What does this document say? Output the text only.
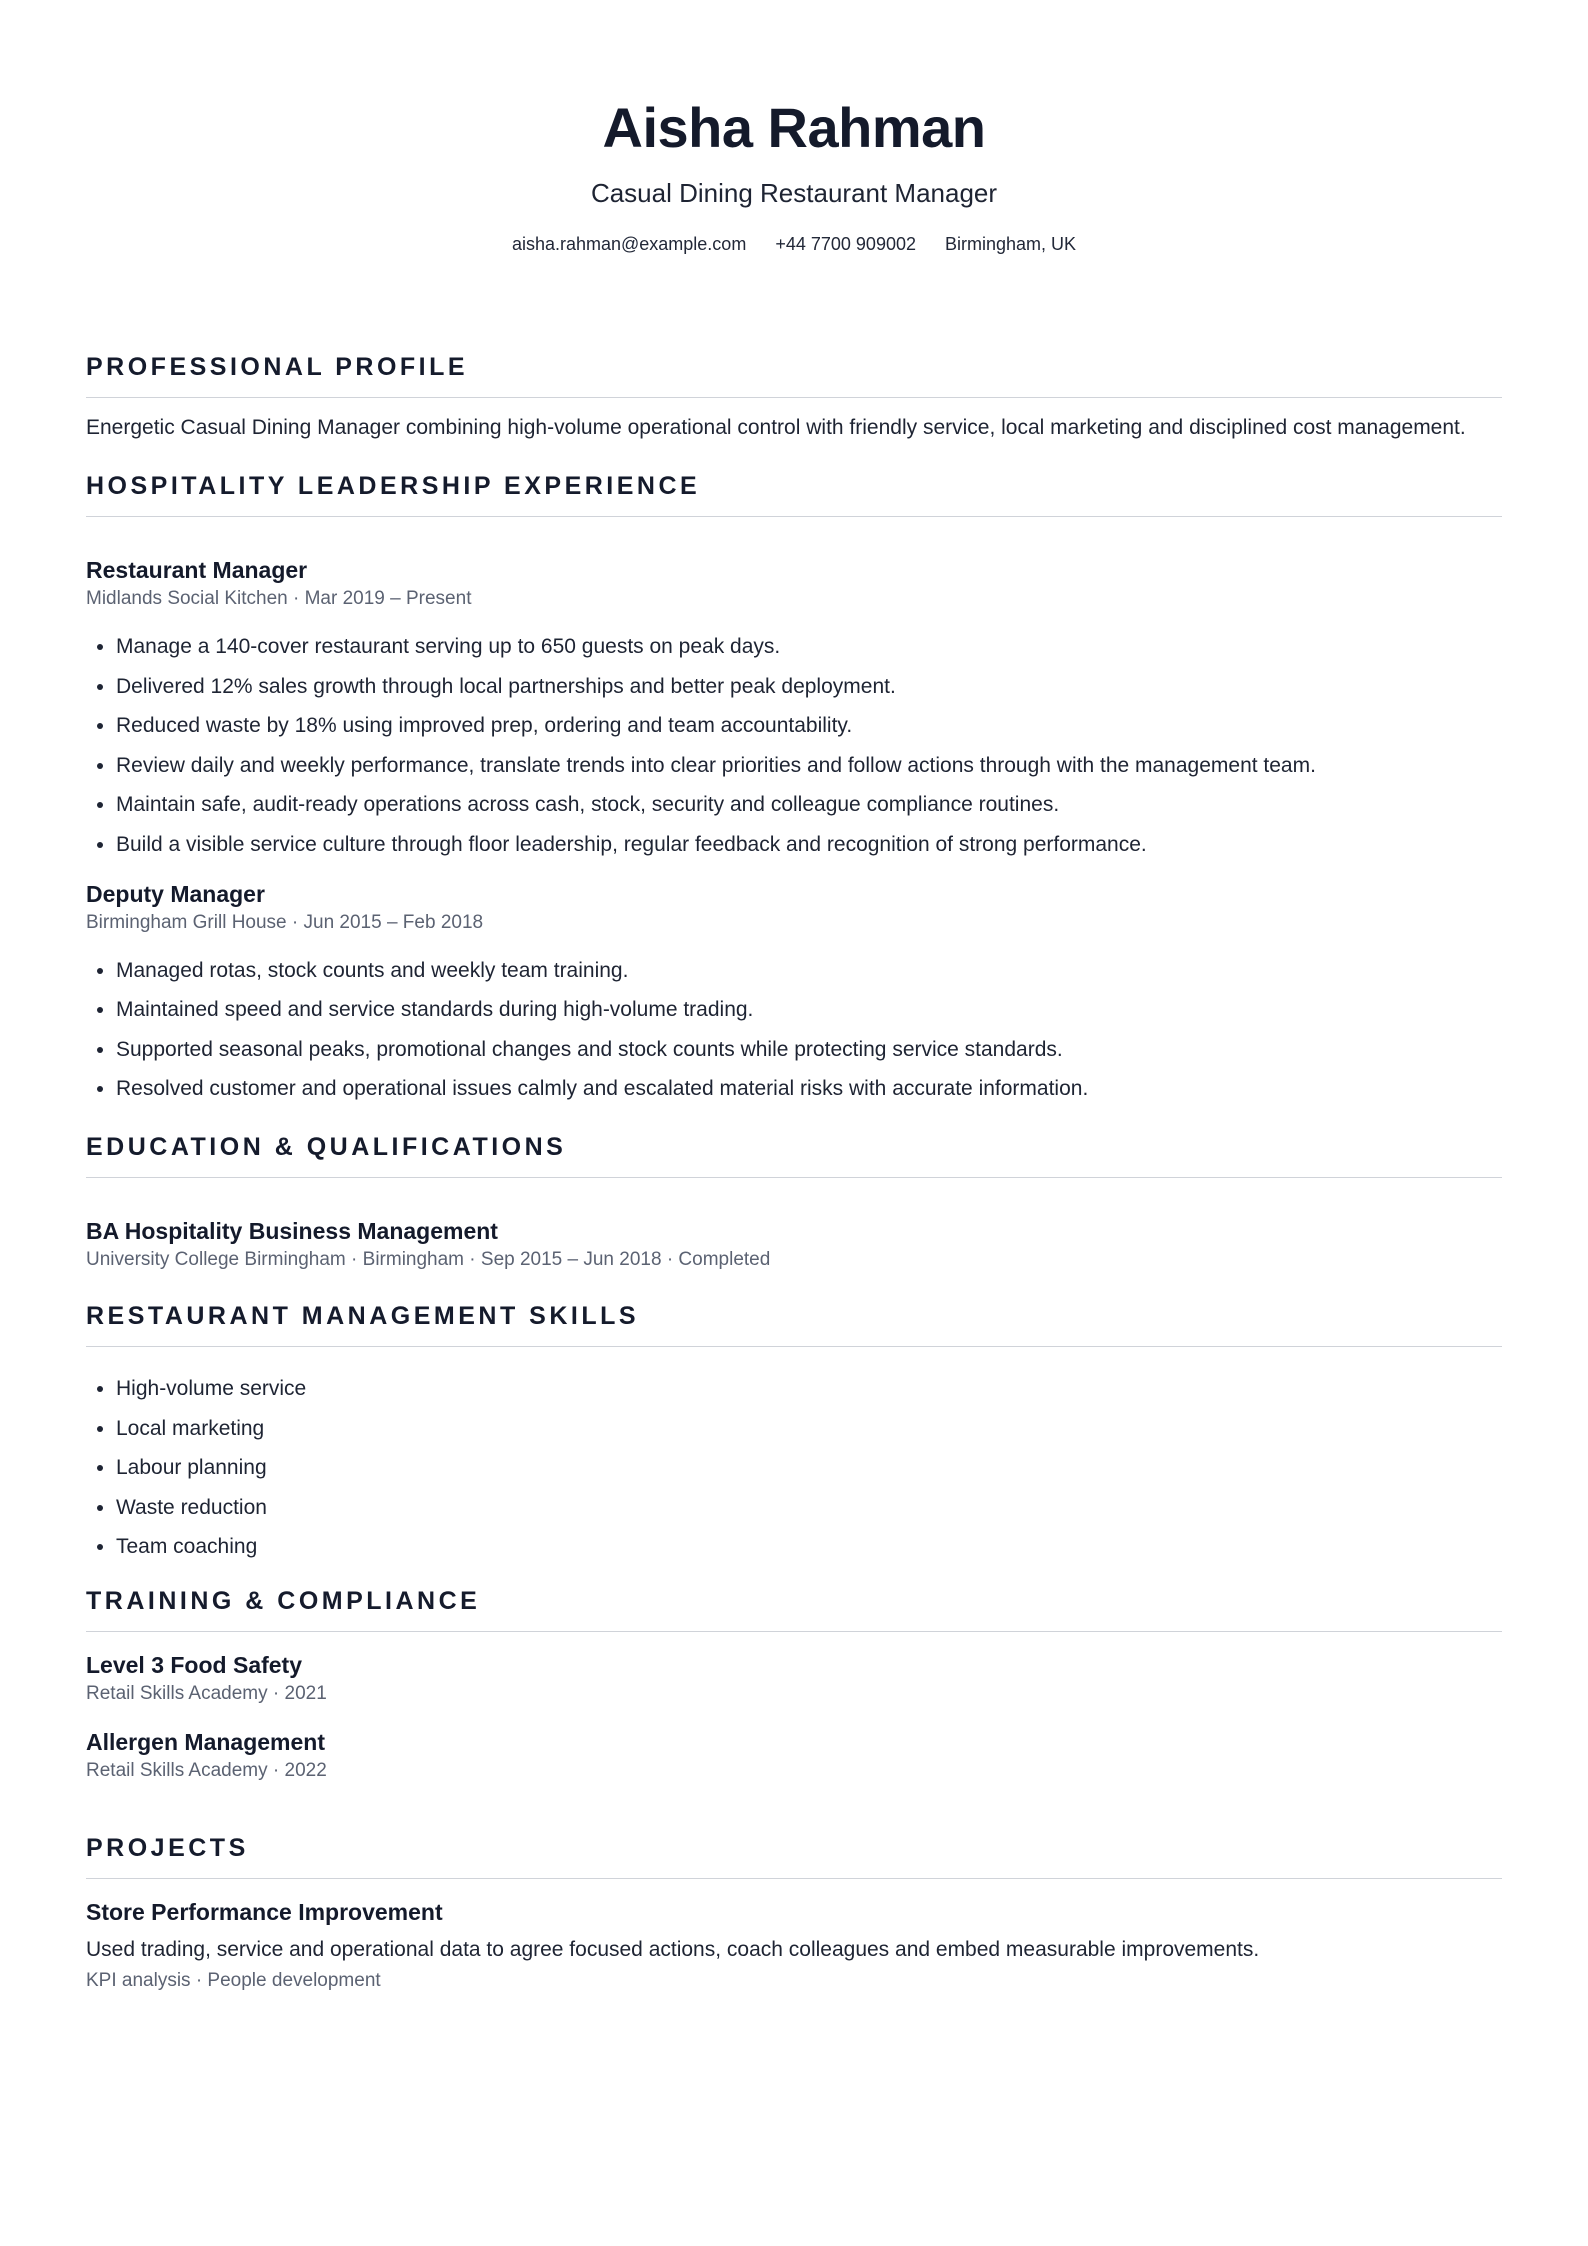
Aisha Rahman
Casual Dining Restaurant Manager
aisha.rahman@example.com +44 7700 909002 Birmingham, UK
PROFESSIONAL PROFILE

Energetic Casual Dining Manager combining high-volume operational control with friendly service, local marketing and disciplined cost management.

HOSPITALITY LEADERSHIP EXPERIENCE
Restaurant Manager
Midlands Social Kitchen · Mar 2019 – Present
• Manage a 140-cover restaurant serving up to 650 guests on peak days.
• Delivered 12% sales growth through local partnerships and better peak deployment.
• Reduced waste by 18% using improved prep, ordering and team accountability.
• Review daily and weekly performance, translate trends into clear priorities and follow actions through with the management team.
• Maintain safe, audit-ready operations across cash, stock, security and colleague compliance routines.
• Build a visible service culture through floor leadership, regular feedback and recognition of strong performance.
Deputy Manager
Birmingham Grill House · Jun 2015 – Feb 2018
• Managed rotas, stock counts and weekly team training.
• Maintained speed and service standards during high-volume trading.
• Supported seasonal peaks, promotional changes and stock counts while protecting service standards.
• Resolved customer and operational issues calmly and escalated material risks with accurate information.
EDUCATION & QUALIFICATIONS
BA Hospitality Business Management
University College Birmingham · Birmingham · Sep 2015 – Jun 2018 · Completed
RESTAURANT MANAGEMENT SKILLS
• High-volume service
• Local marketing
• Labour planning
• Waste reduction
• Team coaching
TRAINING & COMPLIANCE
Level 3 Food Safety
Retail Skills Academy · 2021
Allergen Management
Retail Skills Academy · 2022
PROJECTS
Store Performance Improvement
Used trading, service and operational data to agree focused actions, coach colleagues and embed measurable improvements.
KPI analysis · People development
